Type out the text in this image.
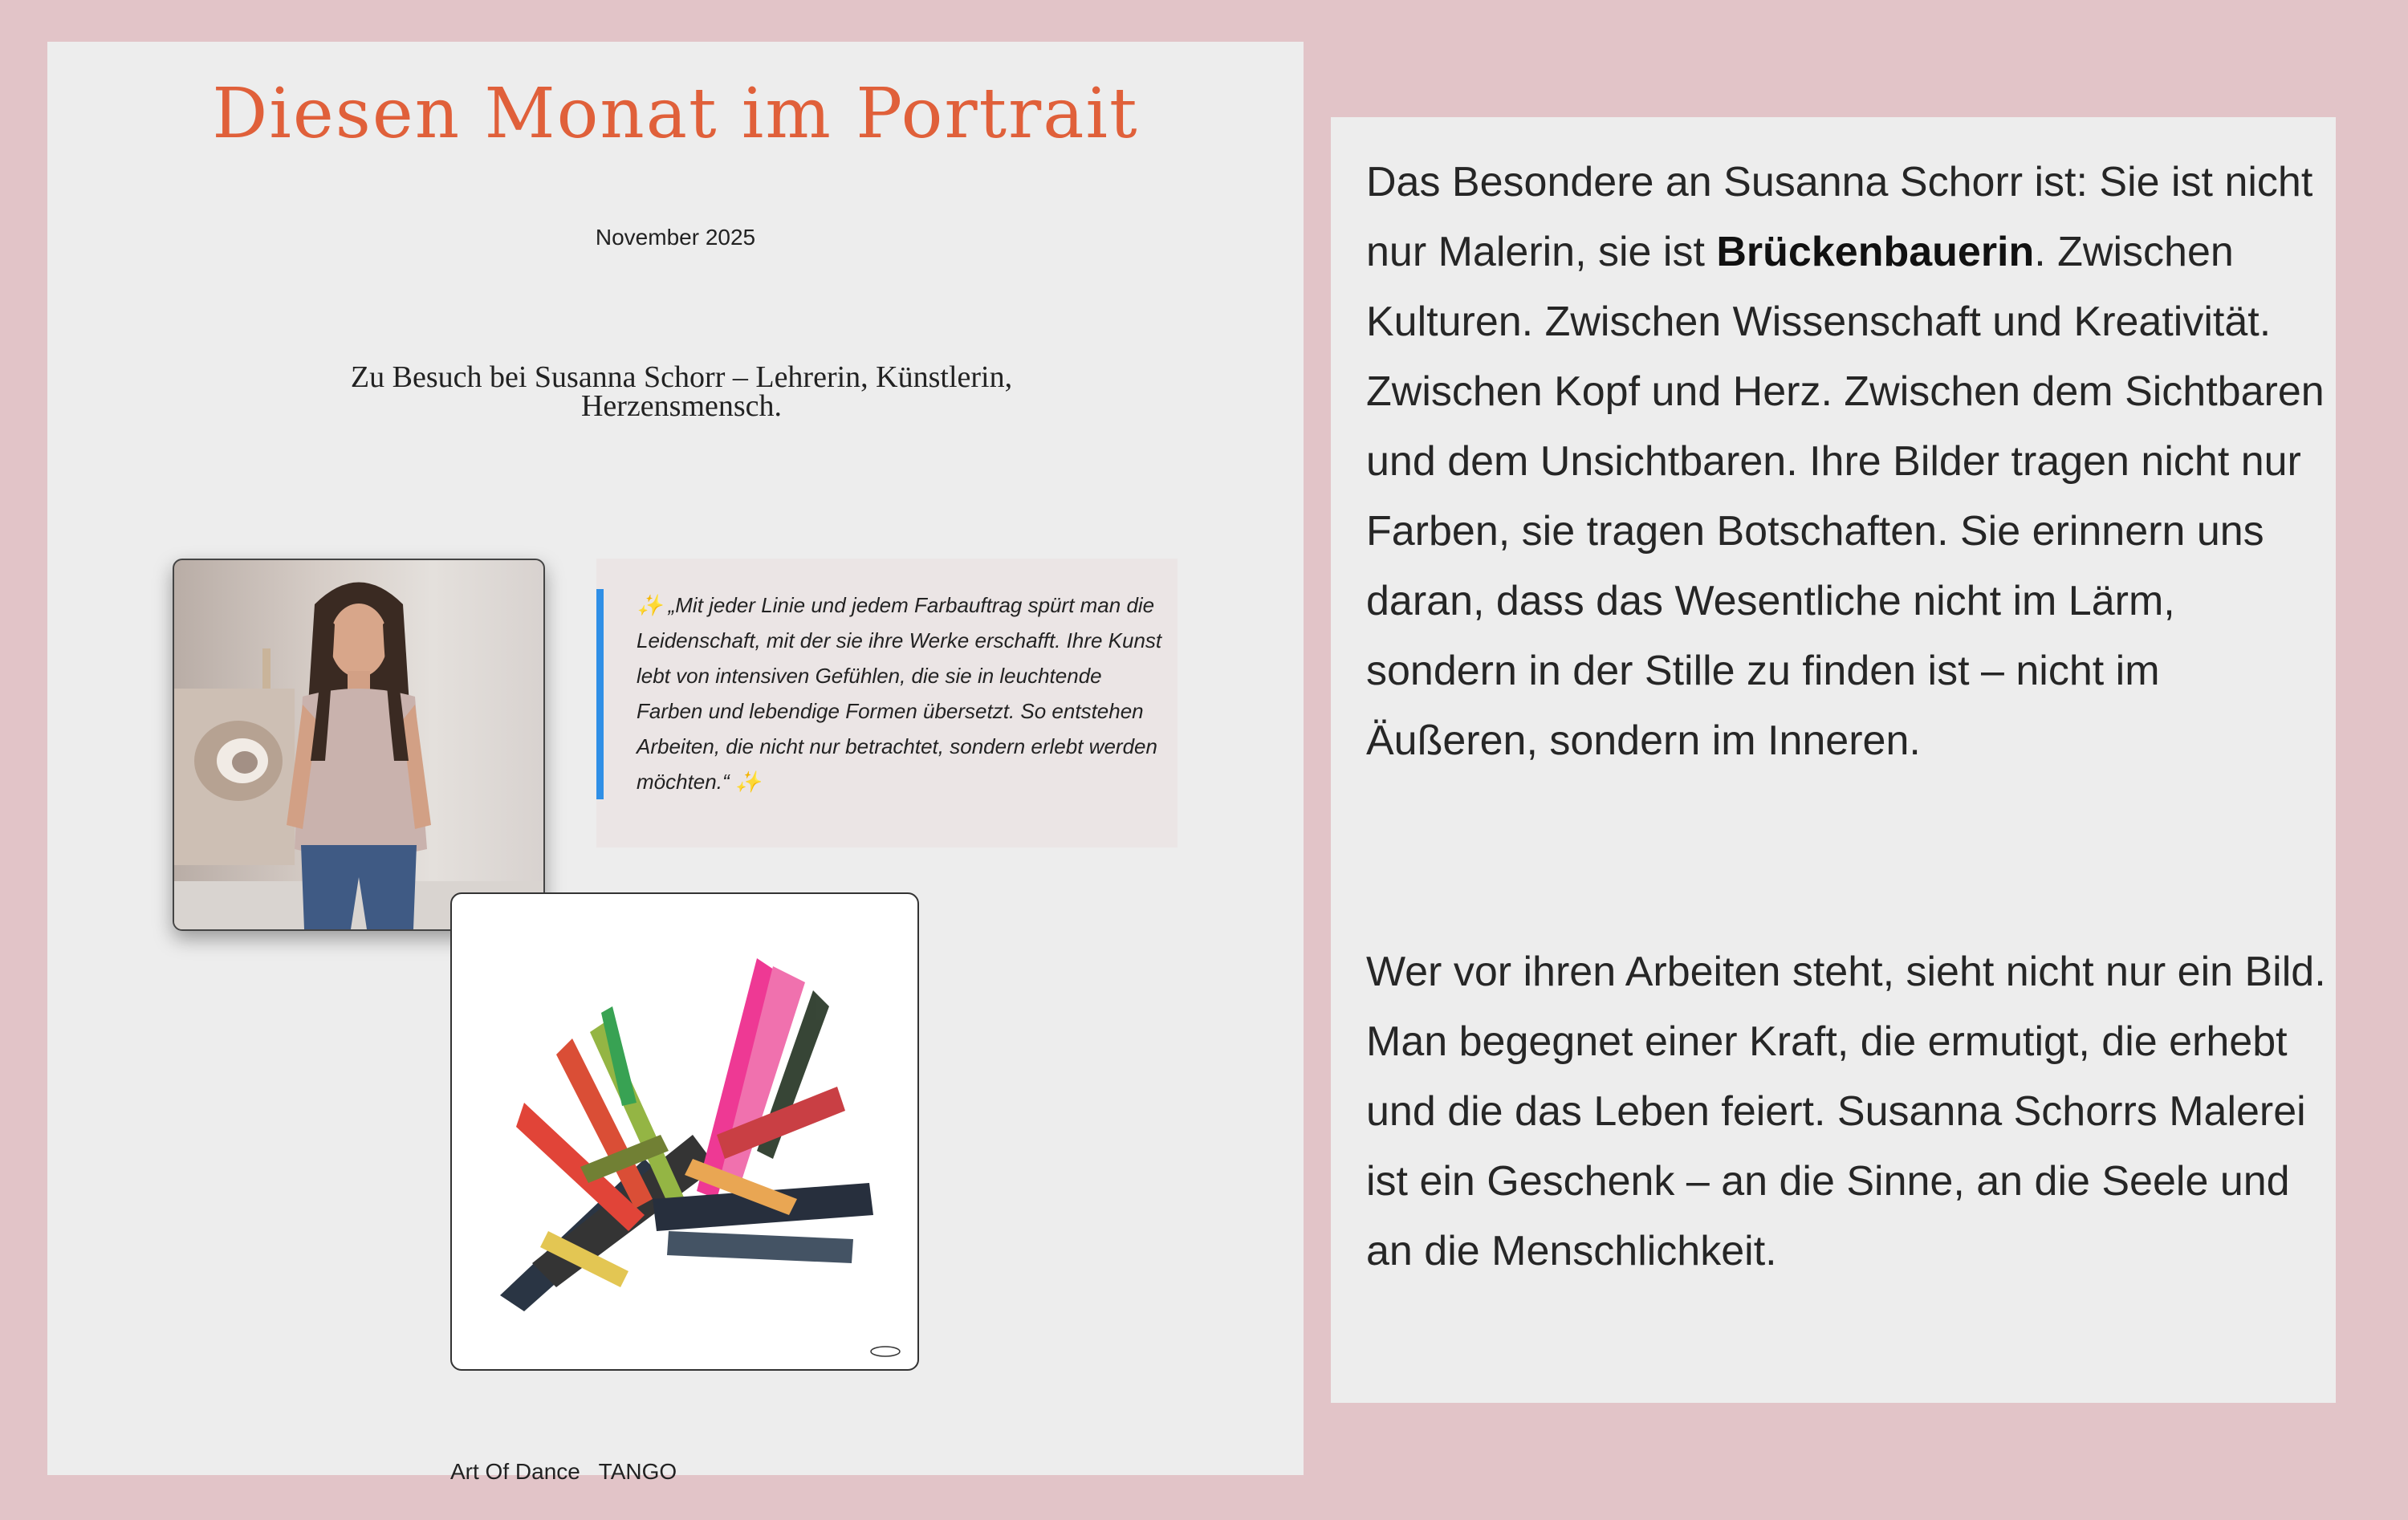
Diesen Monat im Portrait
November 2025
Zu Besuch bei Susanna Schorr – Lehrerin, Künstlerin, Herzensmensch.

✨ „Mit jeder Linie und jedem Farbauftrag spürt man die Leidenschaft, mit der sie ihre Werke erschafft. Ihre Kunst lebt von intensiven Gefühlen, die sie in leuchtende Farben und lebendige Formen übersetzt. So entstehen Arbeiten, die nicht nur betrachtet, sondern erlebt werden möchten.“ ✨

Art Of Dance   TANGO

Das Besondere an Susanna Schorr ist: Sie ist nicht nur Malerin, sie ist Brückenbauerin. Zwischen Kulturen. Zwischen Wissenschaft und Kreativität. Zwischen Kopf und Herz. Zwischen dem Sichtbaren und dem Unsichtbaren. Ihre Bilder tragen nicht nur Farben, sie tragen Botschaften. Sie erinnern uns daran, dass das Wesentliche nicht im Lärm, sondern in der Stille zu finden ist – nicht im Äußeren, sondern im Inneren.

Wer vor ihren Arbeiten steht, sieht nicht nur ein Bild. Man begegnet einer Kraft, die ermutigt, die erhebt und die das Leben feiert. Susanna Schorrs Malerei ist ein Geschenk – an die Sinne, an die Seele und an die Menschlichkeit.
